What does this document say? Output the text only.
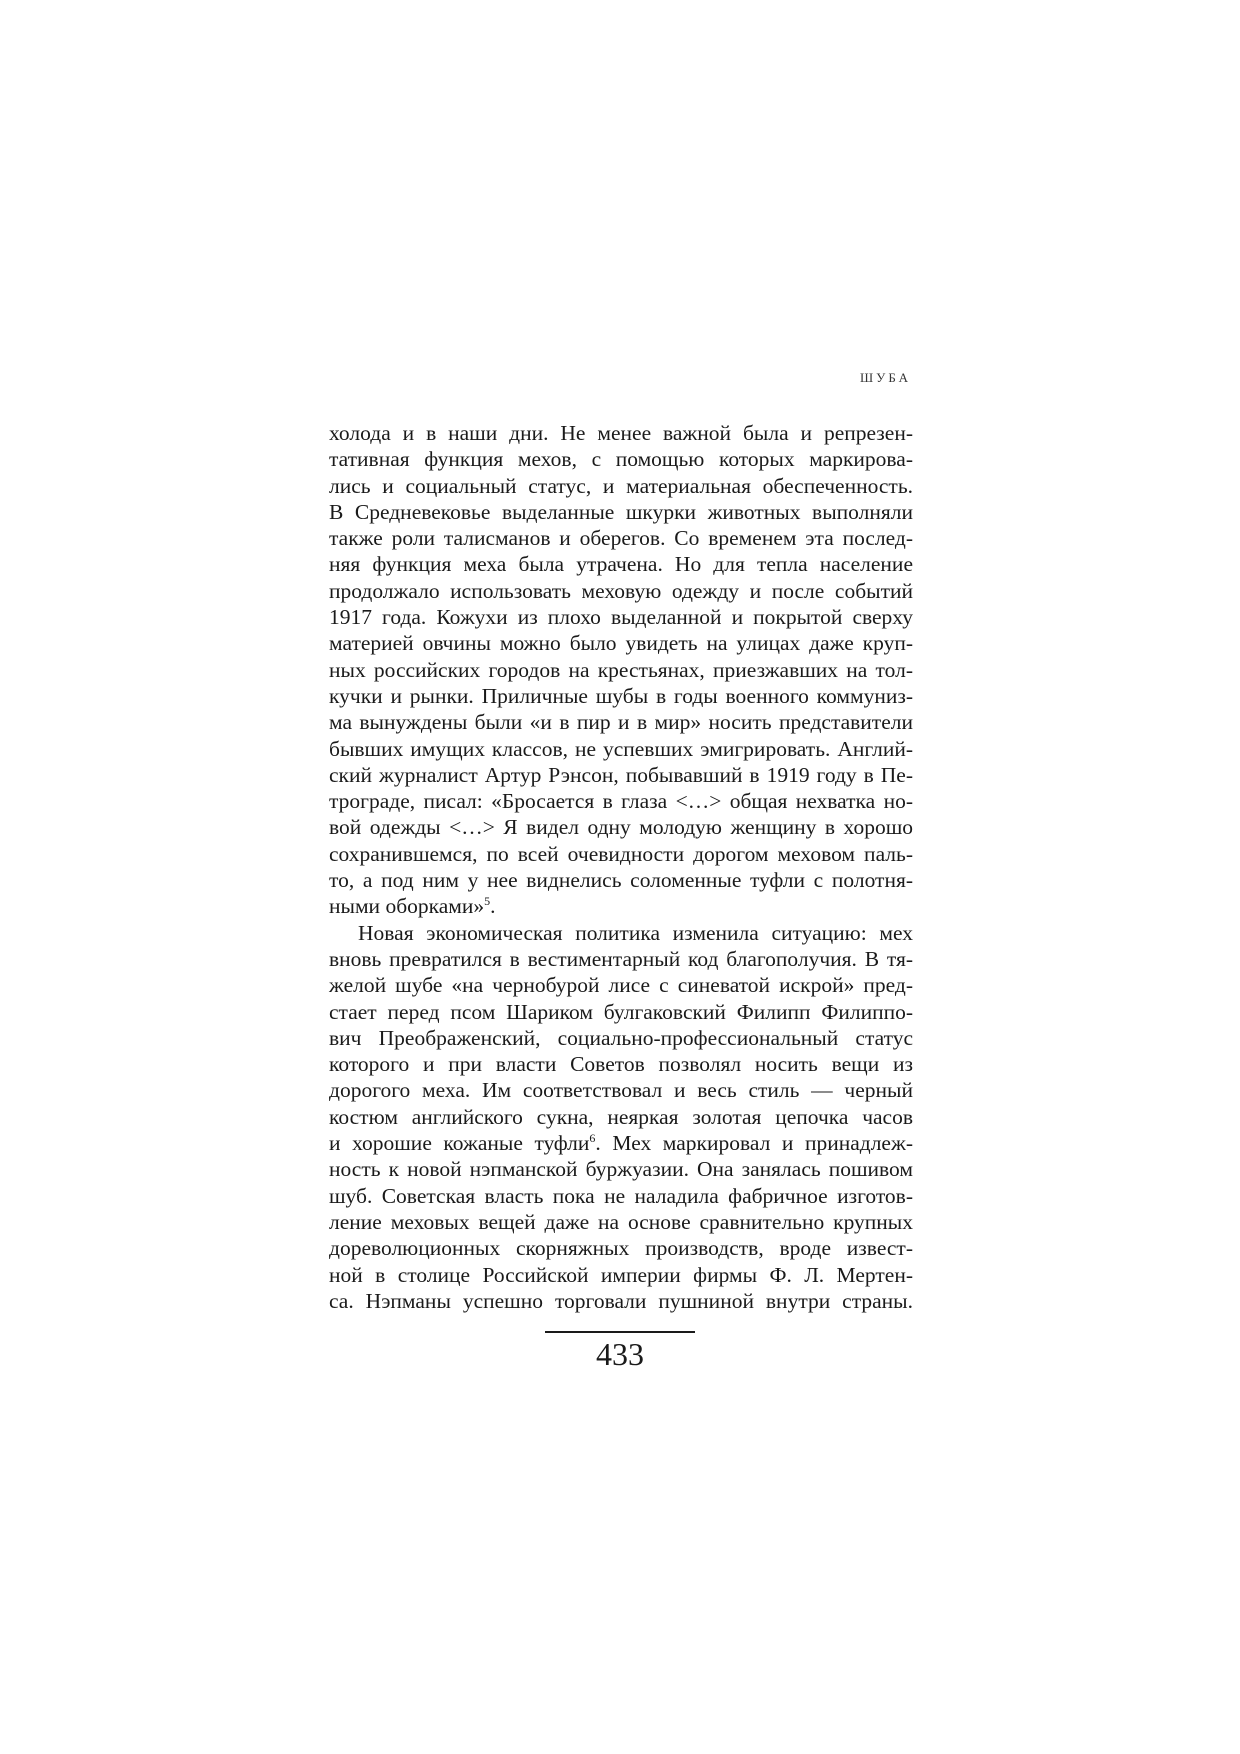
ШУБА
холода и в наши дни. Не менее важной была и репрезен-
тативная функция мехов, с помощью которых маркирова-
лись и социальный статус, и материальная обеспеченность.
В Средневековье выделанные шкурки животных выполняли
также роли талисманов и оберегов. Со временем эта послед-
няя функция меха была утрачена. Но для тепла население
продолжало использовать меховую одежду и после событий
1917 года. Кожухи из плохо выделанной и покрытой сверху
материей овчины можно было увидеть на улицах даже круп-
ных российских городов на крестьянах, приезжавших на тол-
кучки и рынки. Приличные шубы в годы военного коммуниз-
ма вынуждены были «и в пир и в мир» носить представители
бывших имущих классов, не успевших эмигрировать. Англий-
ский журналист Артур Рэнсон, побывавший в 1919 году в Пе-
трограде, писал: «Бросается в глаза <…> общая нехватка но-
вой одежды <…> Я видел одну молодую женщину в хорошо
сохранившемся, по всей очевидности дорогом меховом паль-
то, а под ним у нее виднелись соломенные туфли с полотня-
ными оборками»$^5$.
Новая экономическая политика изменила ситуацию: мех
вновь превратился в вестиментарный код благополучия. В тя-
желой шубе «на чернобурой лисе с синеватой искрой» пред-
стает перед псом Шариком булгаковский Филипп Филиппо-
вич Преображенский, социально-профессиональный статус
которого и при власти Советов позволял носить вещи из
дорогого меха. Им соответствовал и весь стиль — черный
костюм английского сукна, неяркая золотая цепочка часов
и хорошие кожаные туфли$^6$. Мех маркировал и принадлеж-
ность к новой нэпманской буржуазии. Она занялась пошивом
шуб. Советская власть пока не наладила фабричное изготов-
ление меховых вещей даже на основе сравнительно крупных
дореволюционных скорняжных производств, вроде извест-
ной в столице Российской империи фирмы Ф. Л. Мертен-
са. Нэпманы успешно торговали пушниной внутри страны.
433
